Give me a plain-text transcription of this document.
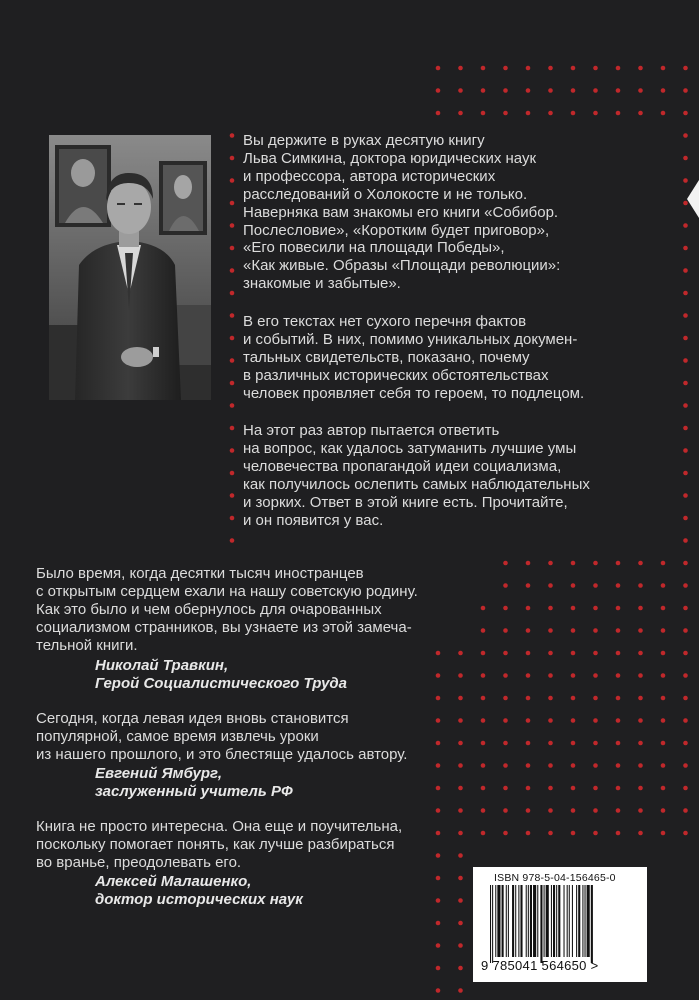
Вы держите в руках десятую книгу
Льва Симкина, доктора юридических наук
и профессора, автора исторических
расследований о Холокосте и не только.
Наверняка вам знакомы его книги «Собибор.
Послесловие», «Коротким будет приговор»,
«Его повесили на площади Победы»,
«Как живые. Образы «Площади революции»:
знакомые и забытые».

В его текстах нет сухого перечня фактов
и событий. В них, помимо уникальных докумен-
тальных свидетельств, показано, почему
в различных исторических обстоятельствах
человек проявляет себя то героем, то подлецом.

На этот раз автор пытается ответить
на вопрос, как удалось затуманить лучшие умы
человечества пропагандой идеи социализма,
как получилось ослепить самых наблюдательных
и зорких. Ответ в этой книге есть. Прочитайте,
и он появится у вас.

Было время, когда десятки тысяч иностранцев
с открытым сердцем ехали на нашу советскую родину.
Как это было и чем обернулось для очарованных
социализмом странников, вы узнаете из этой замеча-
тельной книги.

Николай Травкин,

Герой Социалистического Труда

Сегодня, когда левая идея вновь становится
популярной, самое время извлечь уроки
из нашего прошлого, и это блестяще удалось автору.

Евгений Ямбург,

заслуженный учитель РФ

Книга не просто интересна. Она еще и поучительна,
поскольку помогает понять, как лучше разбираться
во вранье, преодолевать его.

Алексей Малашенко,

доктор исторических наук

ISBN 978-5-04-156465-0
9 785041 564650 >
